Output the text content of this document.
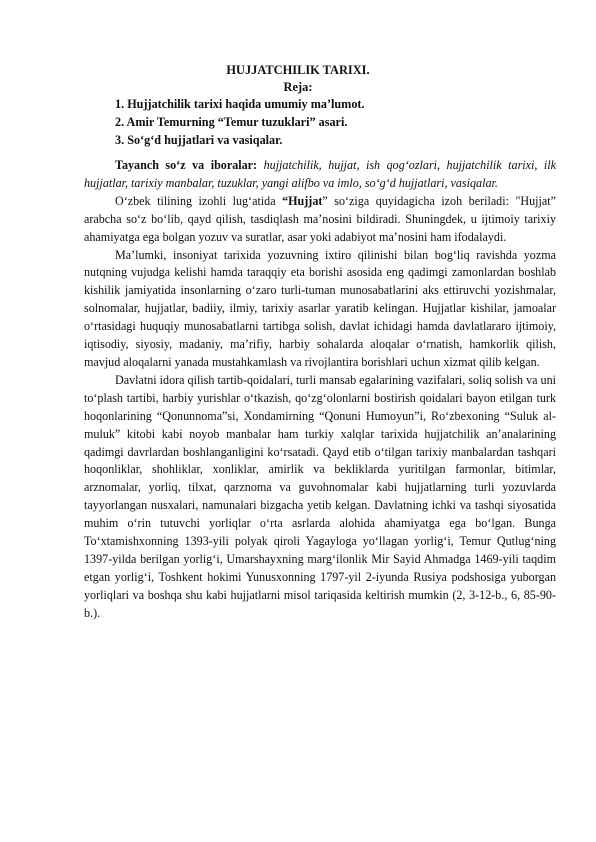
HUJJATCHILIK TARIXI.
Reja:
1. Hujjatchilik tarixi haqida umumiy ma’lumot.
2. Amir Temurning “Temur tuzuklari” asari.
3. So‘g‘d hujjatlari va vasiqalar.

Tayanch so‘z va iboralar: hujjatchilik, hujjat, ish qog‘ozlari, hujjatchilik tarixi, ilk hujjatlar, tarixiy manbalar, tuzuklar, yangi alifbo va imlo, so‘g‘d hujjatlari, vasiqalar.

O‘zbek tilining izohli lug‘atida “Hujjat” so‘ziga quyidagicha izoh beriladi: "Hujjat” arabcha so‘z bo‘lib, qayd qilish, tasdiqlash ma’nosini bildiradi. Shuningdek, u ijtimoiy tarixiy ahamiyatga ega bolgan yozuv va suratlar, asar yoki adabiyot ma’nosini ham ifodalaydi.

Ma’lumki, insoniyat tarixida yozuvning ixtiro qilinishi bilan bog‘liq ravishda yozma nutqning vujudga kelishi hamda taraqqiy eta borishi asosida eng qadimgi zamonlardan boshlab kishilik jamiyatida insonlarning o‘zaro turli-tuman munosabatlarini aks ettiruvchi yozishmalar, solnomalar, hujjatlar, badiiy, ilmiy, tarixiy asarlar yaratib kelingan. Hujjatlar kishilar, jamoalar o‘rtasidagi huquqiy munosabatlarni tartibga solish, davlat ichidagi hamda davlatlararo ijtimoiy, iqtisodiy, siyosiy, madaniy, ma’rifiy, harbiy sohalarda aloqalar o‘rnatish, hamkorlik qilish, mavjud aloqalarni yanada mustahkamlash va rivojlantira borishlari uchun xizmat qilib kelgan.

Davlatni idora qilish tartib-qoidalari, turli mansab egalarining vazifalari, soliq solish va uni to‘plash tartibi, harbiy yurishlar o‘tkazish, qo‘zg‘olonlarni bostirish qoidalari bayon etilgan turk hoqonlarining “Qonunnoma”si, Xondamirning “Qonuni Humoyun”i, Ro‘zbexoning “Suluk al-muluk” kitobi kabi noyob manbalar ham turkiy xalqlar tarixida hujjatchilik an’analarining qadimgi davrlardan boshlanganligini ko‘rsatadi. Qayd etib o‘tilgan tarixiy manbalardan tashqari hoqonliklar, shohliklar, xonliklar, amirlik va bekliklarda yuritilgan farmonlar, bitimlar, arznomalar, yorliq, tilxat, qarznoma va guvohnomalar kabi hujjatlarning turli yozuvlarda tayyorlangan nusxalari, namunalari bizgacha yetib kelgan. Davlatning ichki va tashqi siyosatida muhim o‘rin tutuvchi yorliqlar o‘rta asrlarda alohida ahamiyatga ega bo‘lgan. Bunga To‘xtamishxonning 1393-yili polyak qiroli Yagayloga yo‘llagan yorlig‘i, Temur Qutlug‘ning 1397-yilda berilgan yorlig‘i, Umarshayxning marg‘ilonlik Mir Sayid Ahmadga 1469-yili taqdim etgan yorlig‘i, Toshkent hokimi Yunusxonning 1797-yil 2-iyunda Rusiya podshosiga yuborgan yorliqlari va boshqa shu kabi hujjatlarni misol tariqasida keltirish mumkin (2, 3-12-b., 6, 85-90-b.).
